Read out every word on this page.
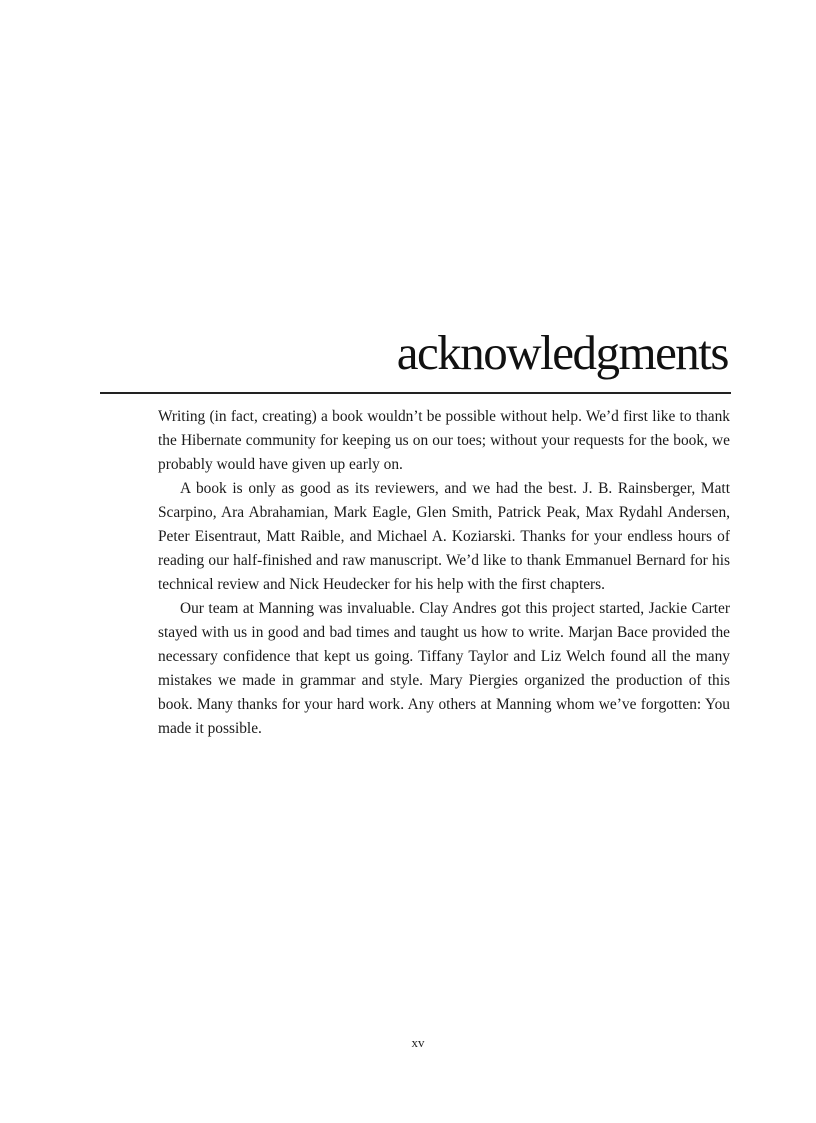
acknowledgments

Writing (in fact, creating) a book wouldn’t be possible without help. We’d first like to thank the Hibernate community for keeping us on our toes; without your requests for the book, we probably would have given up early on.

A book is only as good as its reviewers, and we had the best. J. B. Rainsberger, Matt Scarpino, Ara Abrahamian, Mark Eagle, Glen Smith, Patrick Peak, Max Rydahl Andersen, Peter Eisentraut, Matt Raible, and Michael A. Koziarski. Thanks for your endless hours of reading our half-finished and raw manuscript. We’d like to thank Emmanuel Bernard for his technical review and Nick Heudecker for his help with the first chapters.

Our team at Manning was invaluable. Clay Andres got this project started, Jackie Carter stayed with us in good and bad times and taught us how to write. Marjan Bace provided the necessary confidence that kept us going. Tiffany Taylor and Liz Welch found all the many mistakes we made in grammar and style. Mary Piergies organized the production of this book. Many thanks for your hard work. Any others at Manning whom we’ve forgotten: You made it possible.

xv
